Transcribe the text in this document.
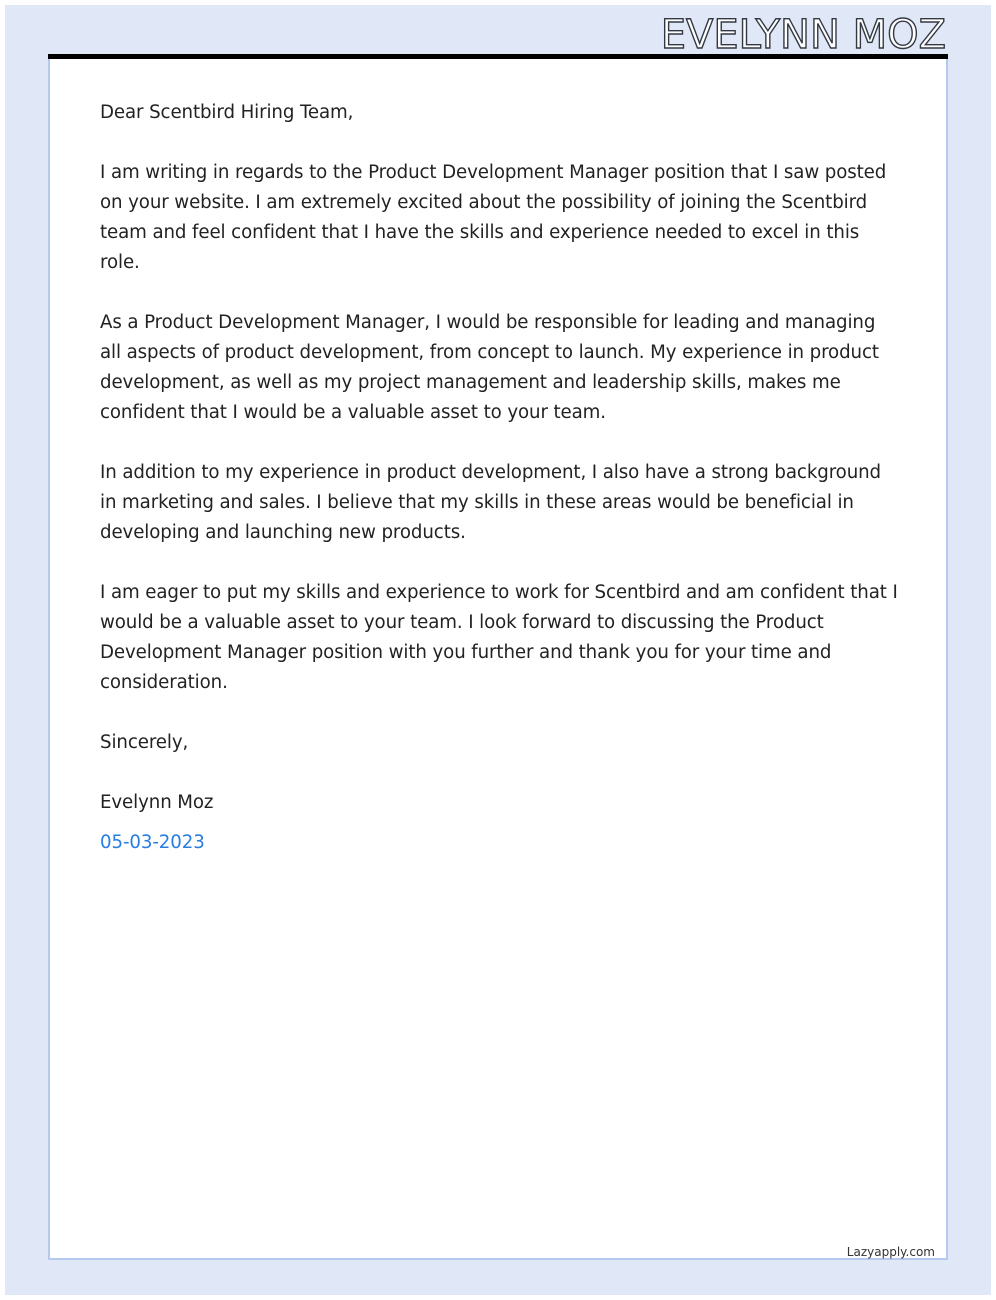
EVELYNN MOZ

Dear Scentbird Hiring Team,

I am writing in regards to the Product Development Manager position that I saw posted on your website. I am extremely excited about the possibility of joining the Scentbird team and feel confident that I have the skills and experience needed to excel in this role.

As a Product Development Manager, I would be responsible for leading and managing all aspects of product development, from concept to launch. My experience in product development, as well as my project management and leadership skills, makes me confident that I would be a valuable asset to your team.

In addition to my experience in product development, I also have a strong background in marketing and sales. I believe that my skills in these areas would be beneficial in developing and launching new products.

I am eager to put my skills and experience to work for Scentbird and am confident that I would be a valuable asset to your team. I look forward to discussing the Product Development Manager position with you further and thank you for your time and consideration.

Sincerely,

Evelynn Moz

05-03-2023

Lazyapply.com
